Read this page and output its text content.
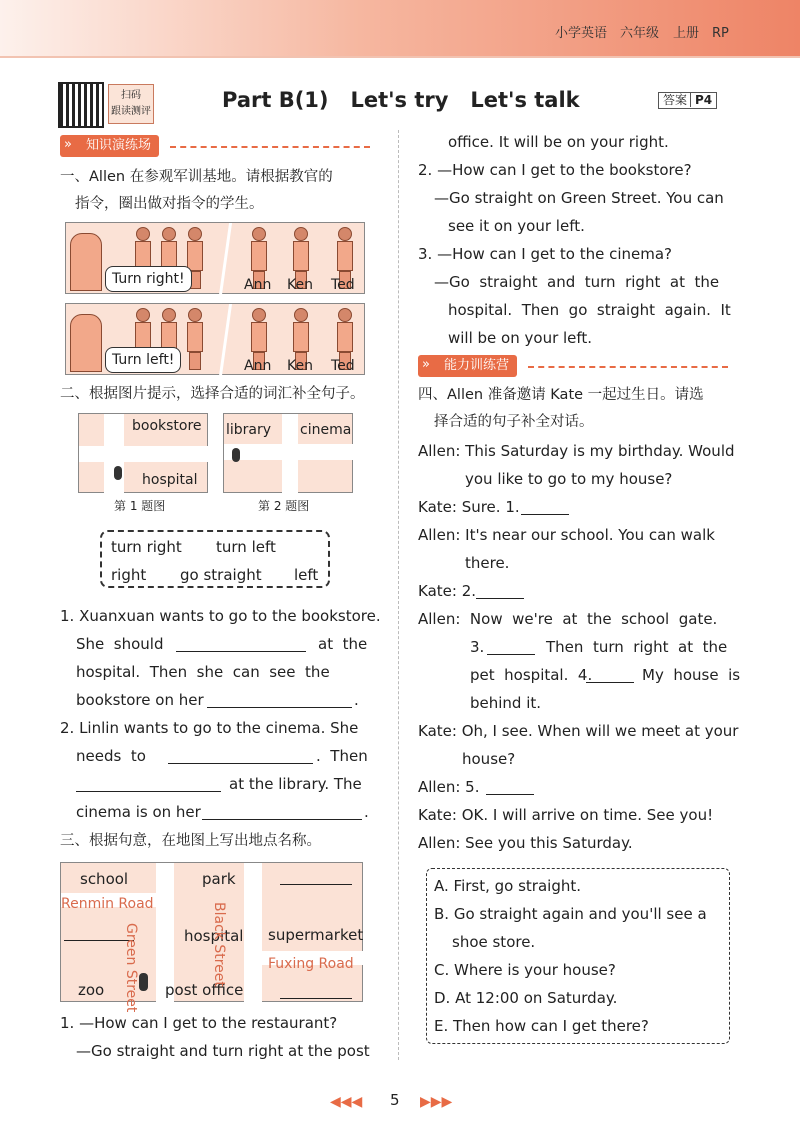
小学英语 六年级 上册 RP
扫码
跟读测评	Part B(1)   Let's try   Let's talk	答案 P4
知识演练场
»
一、Allen 在参观军训基地。请根据教官的
指令，圈出做对指令的学生。
Turn right!	Ann Ken Ted
Turn left!	Ann Ken Ted
二、根据图片提示，选择合适的词汇补全句子。
bookstore
hospital
第 1 题图
library cinema
第 2 题图
turn right turn left
right go straight left
1. Xuanxuan wants to go to the bookstore.
She  should	at  the
hospital.  Then  she  can  see  the
bookstore on her	.
2. Linlin wants to go to the cinema. She
needs  to	.  Then
at the library. The
cinema is on her	.
三、根据句意，在地图上写出地点名称。
school
Renmin Road
zoo Green Street
park
hospital
post office
Black Street	supermarket
Fuxing Road
1. —How can I get to the restaurant?
—Go straight and turn right at the post
office. It will be on your right.
2. —How can I get to the bookstore?
—Go straight on Green Street. You can
see it on your left.
3. —How can I get to the cinema?
—Go  straight  and  turn  right  at  the
hospital.  Then  go  straight  again.  It
will be on your left.
能力训练营
»
四、Allen 准备邀请 Kate 一起过生日。请选
择合适的句子补全对话。
Allen: This Saturday is my birthday. Would
you like to go to my house?
Kate: Sure. 1.
Allen: It's near our school. You can walk
there.
Kate: 2.
Allen:  Now  we're  at  the  school  gate.
3.	Then  turn  right  at  the
pet  hospital.  4.	My  house  is
behind it.
Kate: Oh, I see. When will we meet at your
house?
Allen: 5.
Kate: OK. I will arrive on time. See you!
Allen: See you this Saturday.
A. First, go straight.
B. Go straight again and you'll see a
shoe store.
C. Where is your house?
D. At 12:00 on Saturday.
E. Then how can I get there?
◀◀◀ 5 ▶▶▶
